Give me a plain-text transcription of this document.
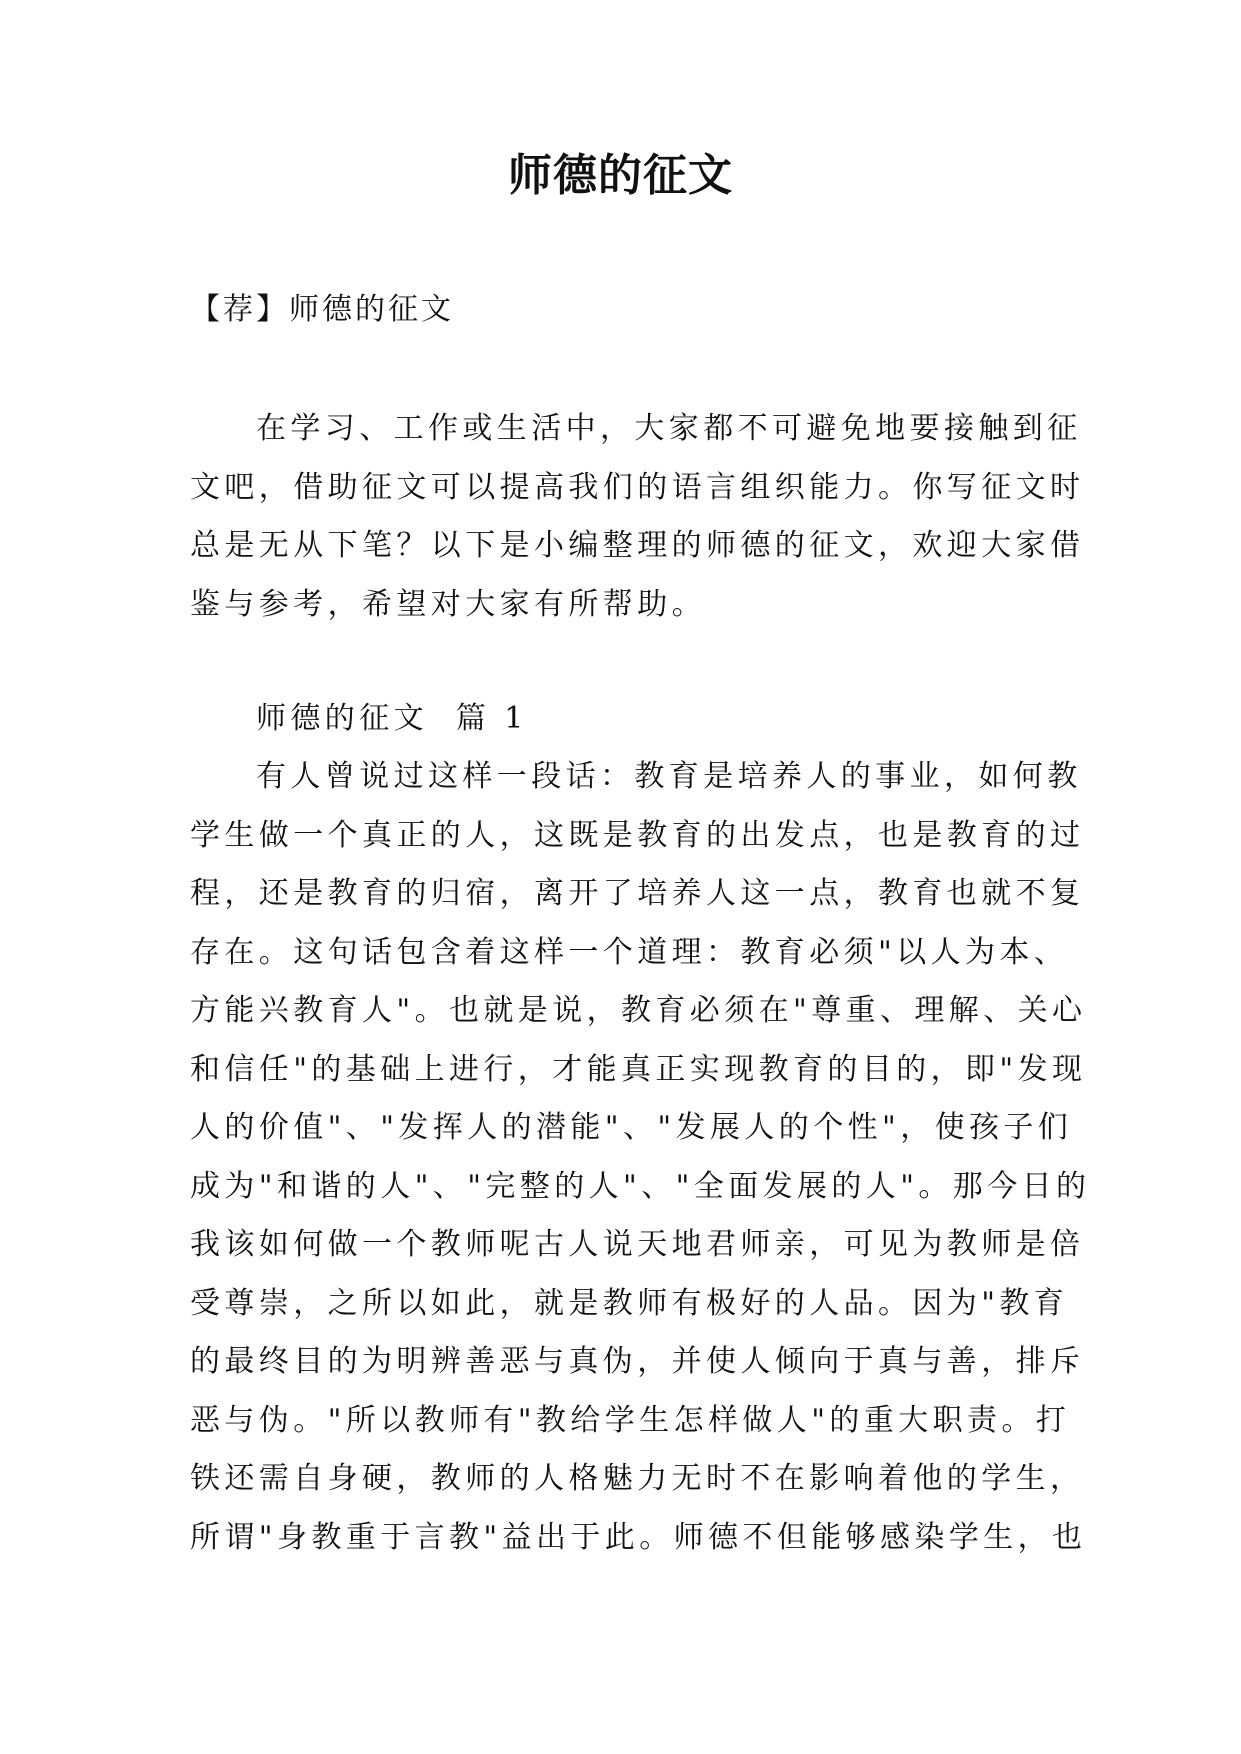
师德的征文

【荐】师德的征文

在学习、工作或生活中，大家都不可避免地要接触到征
文吧，借助征文可以提高我们的语言组织能力。你写征文时
总是无从下笔？以下是小编整理的师德的征文，欢迎大家借
鉴与参考，希望对大家有所帮助。
师德的征文  篇 1
有人曾说过这样一段话：教育是培养人的事业，如何教
学生做一个真正的人，这既是教育的出发点，也是教育的过
程，还是教育的归宿，离开了培养人这一点，教育也就不复
存在。这句话包含着这样一个道理：教育必须"以人为本、
方能兴教育人"。也就是说，教育必须在"尊重、理解、关心
和信任"的基础上进行，才能真正实现教育的目的，即"发现
人的价值"、"发挥人的潜能"、"发展人的个性"，使孩子们
成为"和谐的人"、"完整的人"、"全面发展的人"。那今日的
我该如何做一个教师呢古人说天地君师亲，可见为教师是倍
受尊崇，之所以如此，就是教师有极好的人品。因为"教育
的最终目的为明辨善恶与真伪，并使人倾向于真与善，排斥
恶与伪。"所以教师有"教给学生怎样做人"的重大职责。打
铁还需自身硬，教师的人格魅力无时不在影响着他的学生，
所谓"身教重于言教"益出于此。师德不但能够感染学生，也
